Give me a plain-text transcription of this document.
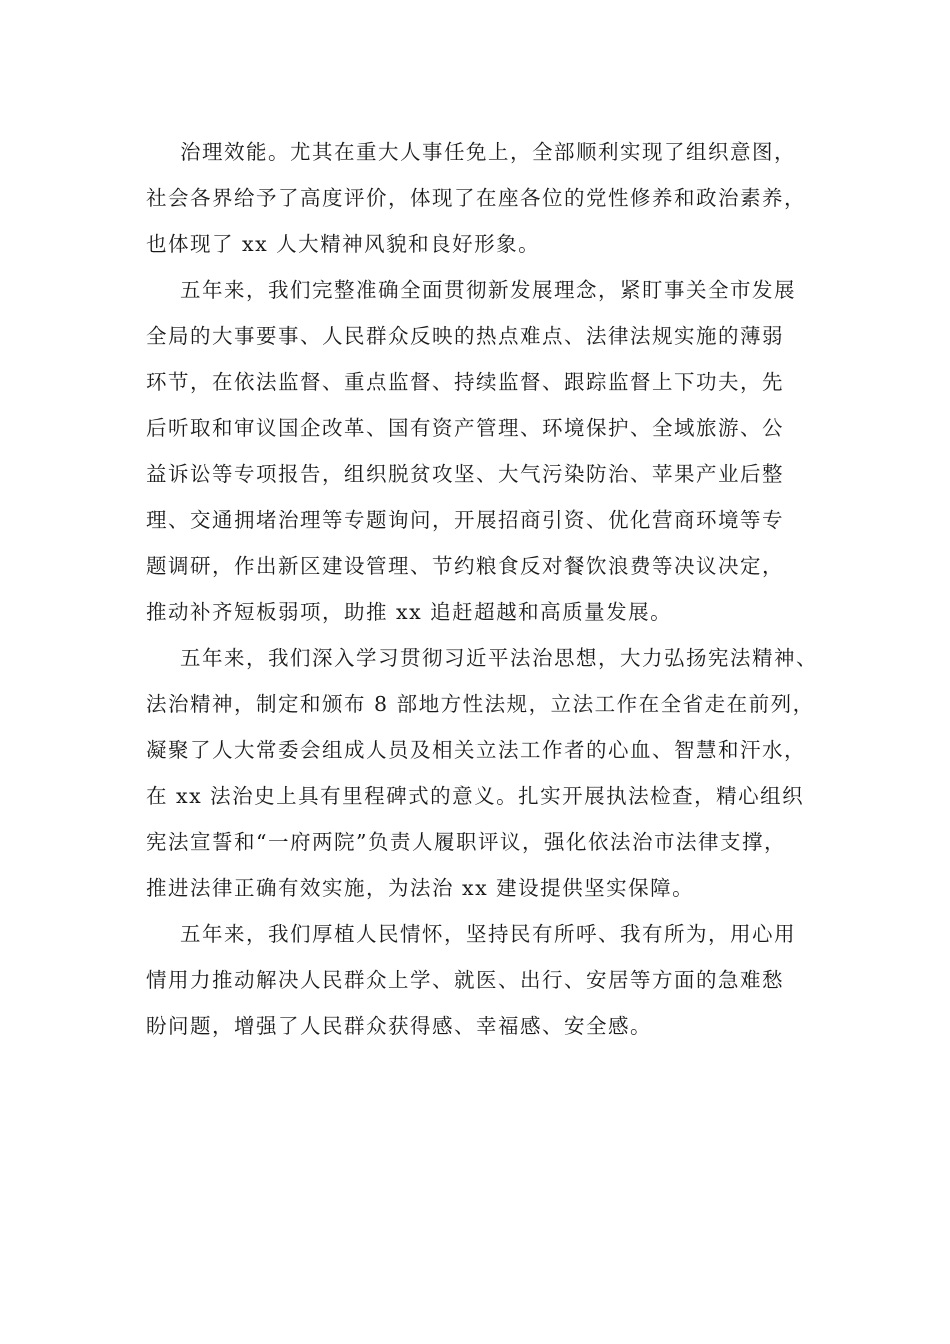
治理效能。尤其在重大人事任免上，全部顺利实现了组织意图，
社会各界给予了高度评价，体现了在座各位的党性修养和政治素养，
也体现了 xx 人大精神风貌和良好形象。
五年来，我们完整准确全面贯彻新发展理念，紧盯事关全市发展
全局的大事要事、人民群众反映的热点难点、法律法规实施的薄弱
环节，在依法监督、重点监督、持续监督、跟踪监督上下功夫，先
后听取和审议国企改革、国有资产管理、环境保护、全域旅游、公
益诉讼等专项报告，组织脱贫攻坚、大气污染防治、苹果产业后整
理、交通拥堵治理等专题询问，开展招商引资、优化营商环境等专
题调研，作出新区建设管理、节约粮食反对餐饮浪费等决议决定，
推动补齐短板弱项，助推 xx 追赶超越和高质量发展。
五年来，我们深入学习贯彻习近平法治思想，大力弘扬宪法精神、
法治精神，制定和颁布 8 部地方性法规，立法工作在全省走在前列，
凝聚了人大常委会组成人员及相关立法工作者的心血、智慧和汗水，
在 xx 法治史上具有里程碑式的意义。扎实开展执法检查，精心组织
宪法宣誓和“一府两院”负责人履职评议，强化依法治市法律支撑，
推进法律正确有效实施，为法治 xx 建设提供坚实保障。
五年来，我们厚植人民情怀，坚持民有所呼、我有所为，用心用
情用力推动解决人民群众上学、就医、出行、安居等方面的急难愁
盼问题，增强了人民群众获得感、幸福感、安全感。
